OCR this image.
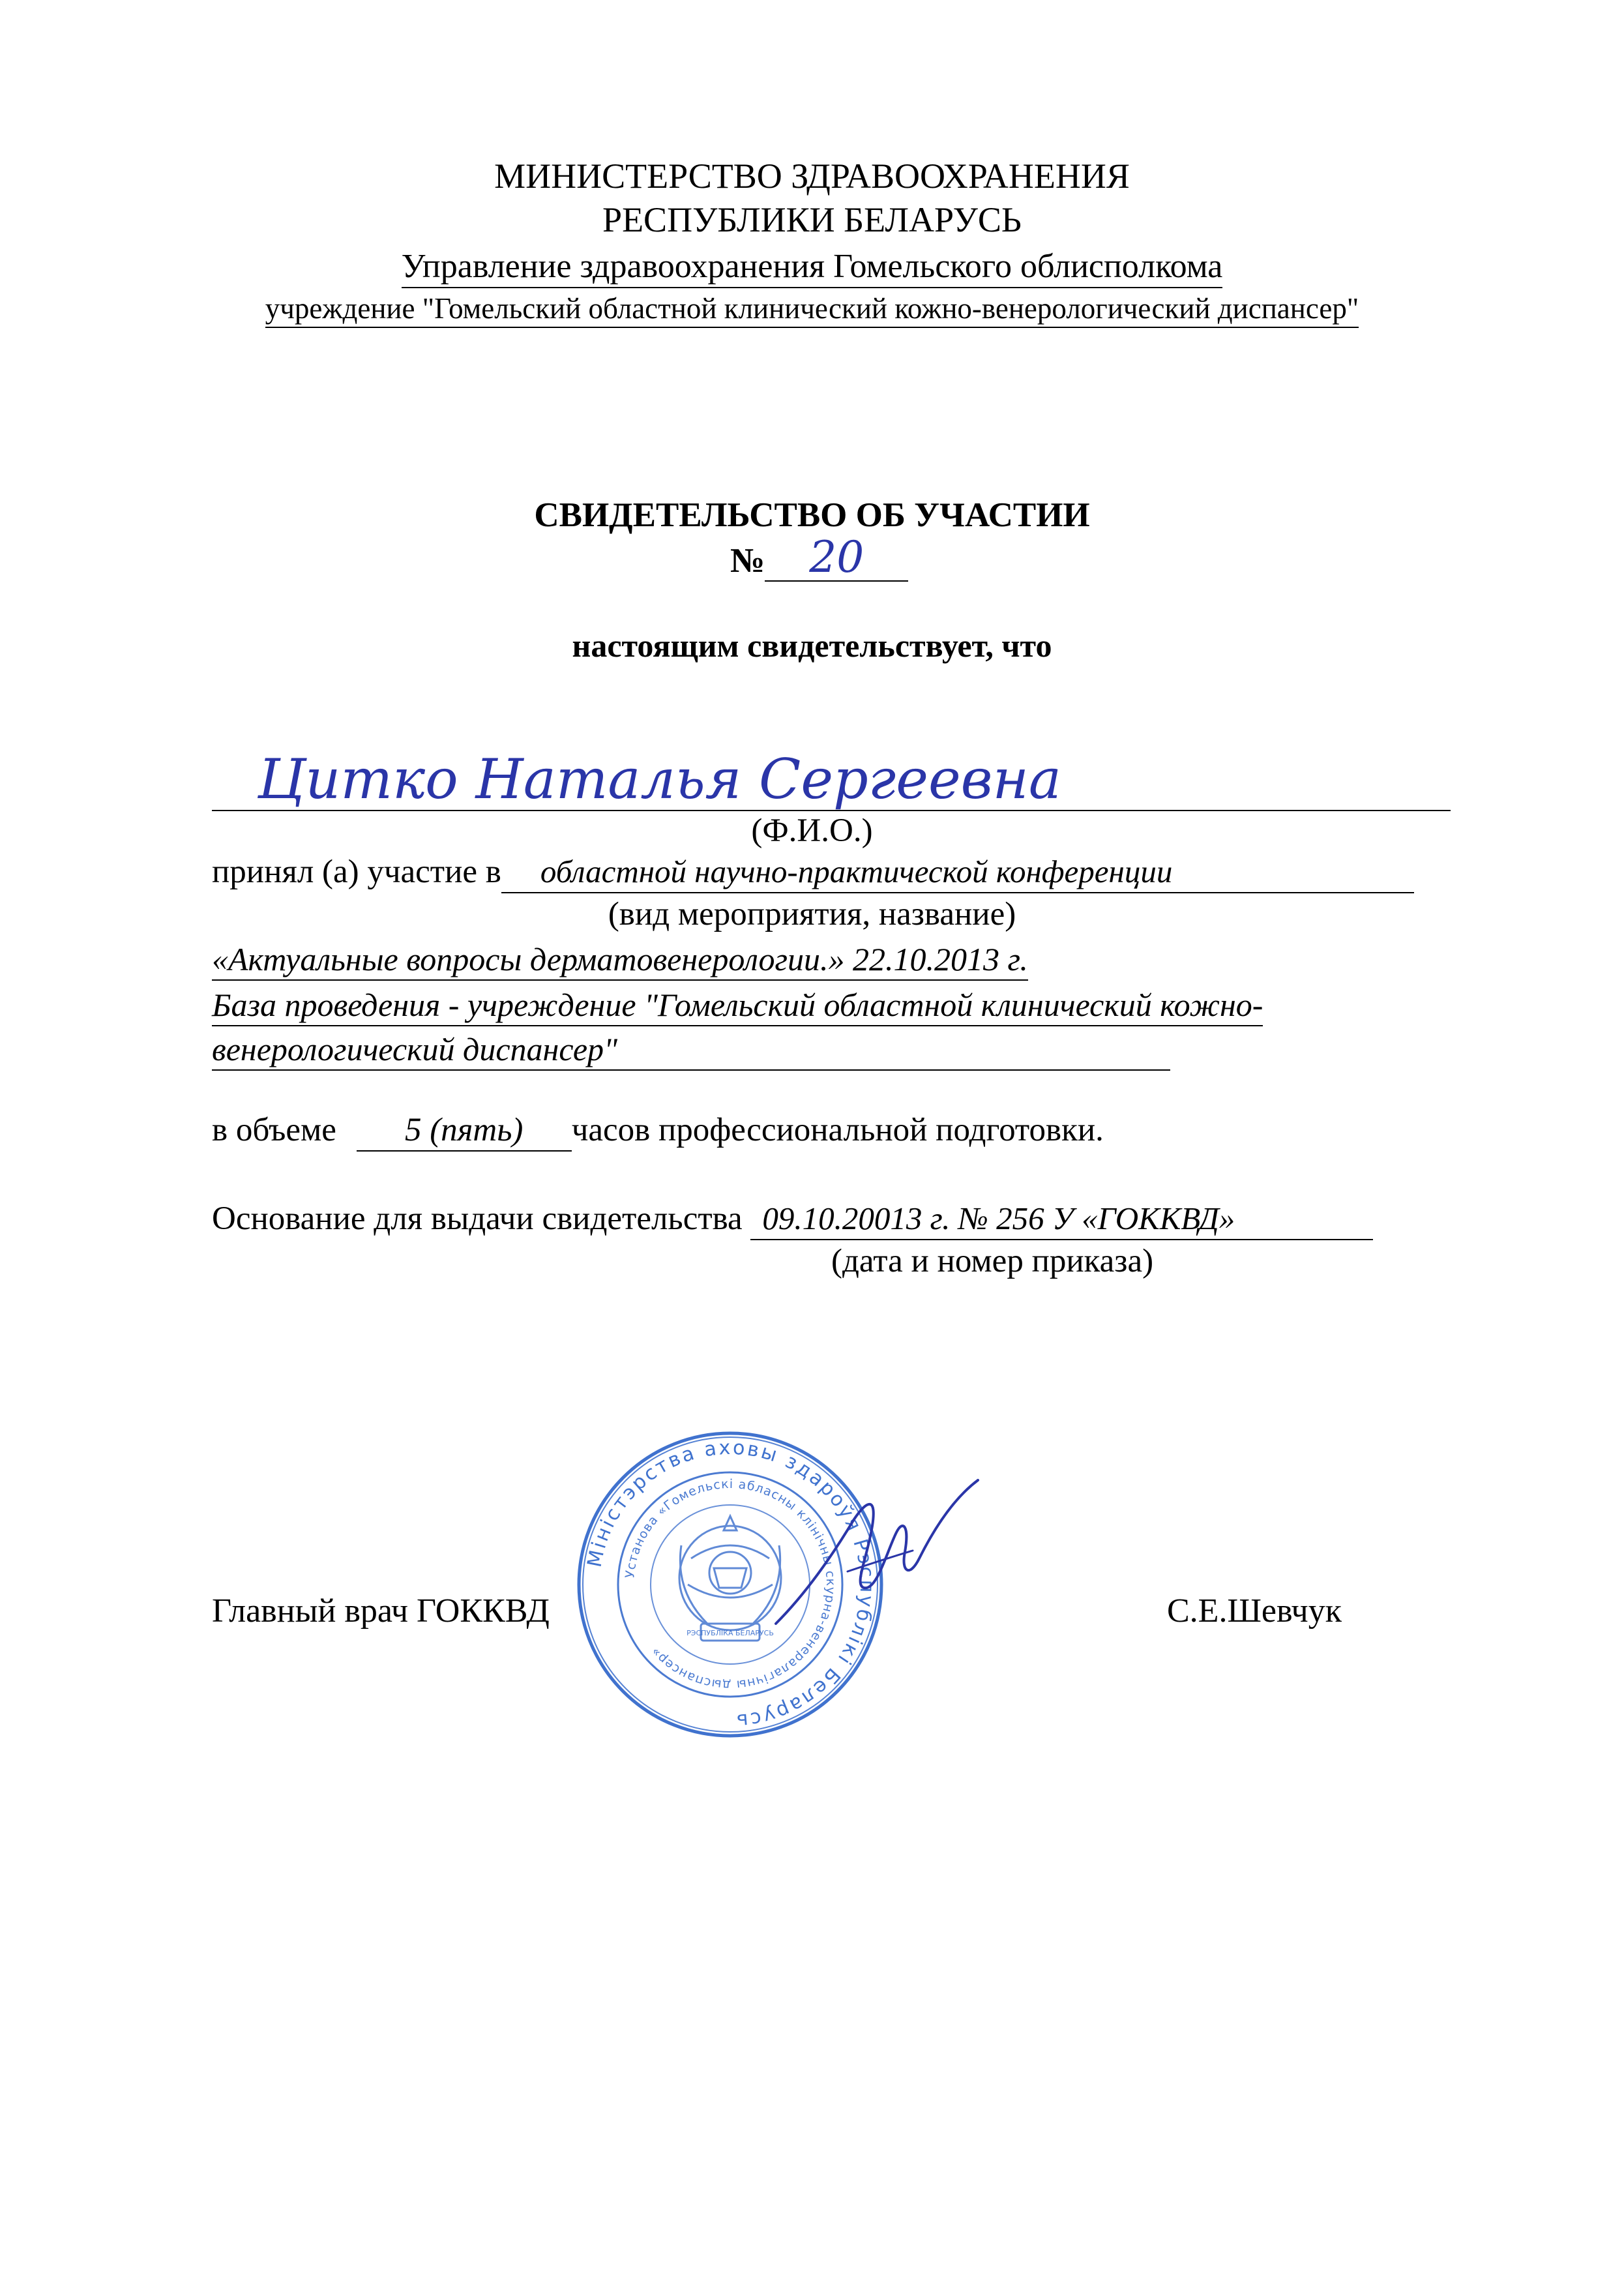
МИНИСТЕРСТВО ЗДРАВООХРАНЕНИЯ
РЕСПУБЛИКИ БЕЛАРУСЬ
Управление здравоохранения Гомельского облисполкома
учреждение "Гомельский областной клинический кожно-венерологический диспансер"
СВИДЕТЕЛЬСТВО ОБ УЧАСТИИ
№ 20
настоящим свидетельствует, что
Цитко Наталья Сергеевна
(Ф.И.О.)
принял (а) участие в областной научно-практической конференции
(вид мероприятия, название)
«Актуальные вопросы дерматовенерологии.» 22.10.2013 г.
База проведения - учреждение "Гомельский областной клинический кожно-
венерологический диспансер"
в объеме 5 (пять) часов профессиональной подготовки.
Основание для выдачи свидетельства 09.10.20013 г. № 256 У «ГОККВД»
(дата и номер приказа)
Главный врач ГОККВД	С.Е.Шевчук
Міністэрства аховы здароўя Рэспублікі Беларусь
Установа «Гомельскі абласны клінічны скурна-венералагічны дыспансер»
РЭСПУБЛІКА БЕЛАРУСЬ
